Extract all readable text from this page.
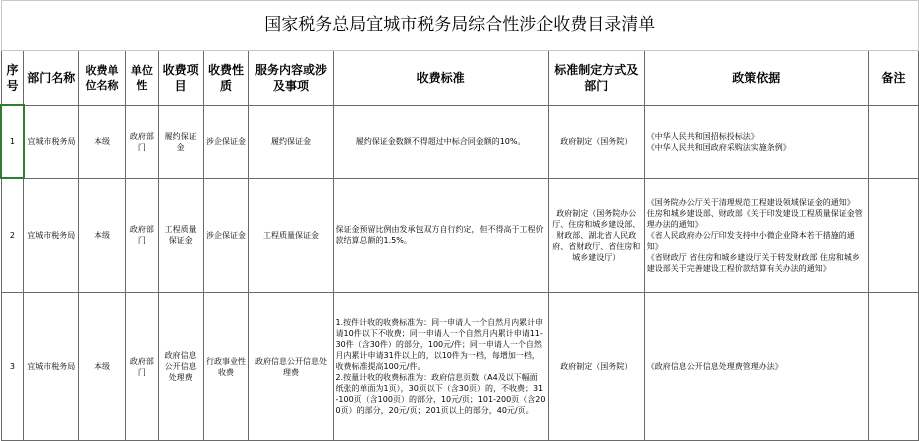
国家税务总局宜城市税务局综合性涉企收费目录清单										
序号	部门名称	收费单位名称	单位性	收费项目	收费性质	服务内容或涉及事项	收费标准	标准制定方式及部门	政策依据	备注
1	宜城市税务局	本级	政府部门	履约保证金	涉企保证金	履约保证金	履约保证金数额不得超过中标合同金额的10%。	政府制定（国务院）	《中华人民共和国招标投标法》
《中华人民共和国政府采购法实施条例》	
2	宜城市税务局	本级	政府部门	工程质量保证金	涉企保证金	工程质量保证金	保证金预留比例由发承包双方自行约定，但不得高于工程价款结算总额的1.5%。	政府制定（国务院办公厅、住房和城乡建设部、财政部、湖北省人民政府、省财政厅、省住房和城乡建设厅）	《国务院办公厅关于清理规范工程建设领域保证金的通知》
住房和城乡建设部、财政部《关于印发建设工程质量保证金管理办法的通知》
《省人民政府办公厅印发支持中小微企业降本若干措施的通知》
《省财政厅 省住房和城乡建设厅关于转发财政部 住房和城乡建设部关于完善建设工程价款结算有关办法的通知》	
3	宜城市税务局	本级	政府部门	政府信息公开信息处理费	行政事业性收费	政府信息公开信息处理费	1.按件计收的收费标准为：同一申请人一个自然月内累计申请10件以下不收费；同一申请人一个自然月内累计申请11-30件（含30件）的部分，100元/件；同一申请人一个自然月内累计申请31件以上的，以10件为一档，每增加一档，收费标准提高100元/件。
2.按量计收的收费标准为：政府信息页数（A4及以下幅面纸张的单面为1页），30页以下（含30页）的，不收费；31-100页（含100页）的部分，10元/页；101-200页（含200页）的部分，20元/页；201页以上的部分，40元/页。	政府制定（国务院）	《政府信息公开信息处理费管理办法》	
